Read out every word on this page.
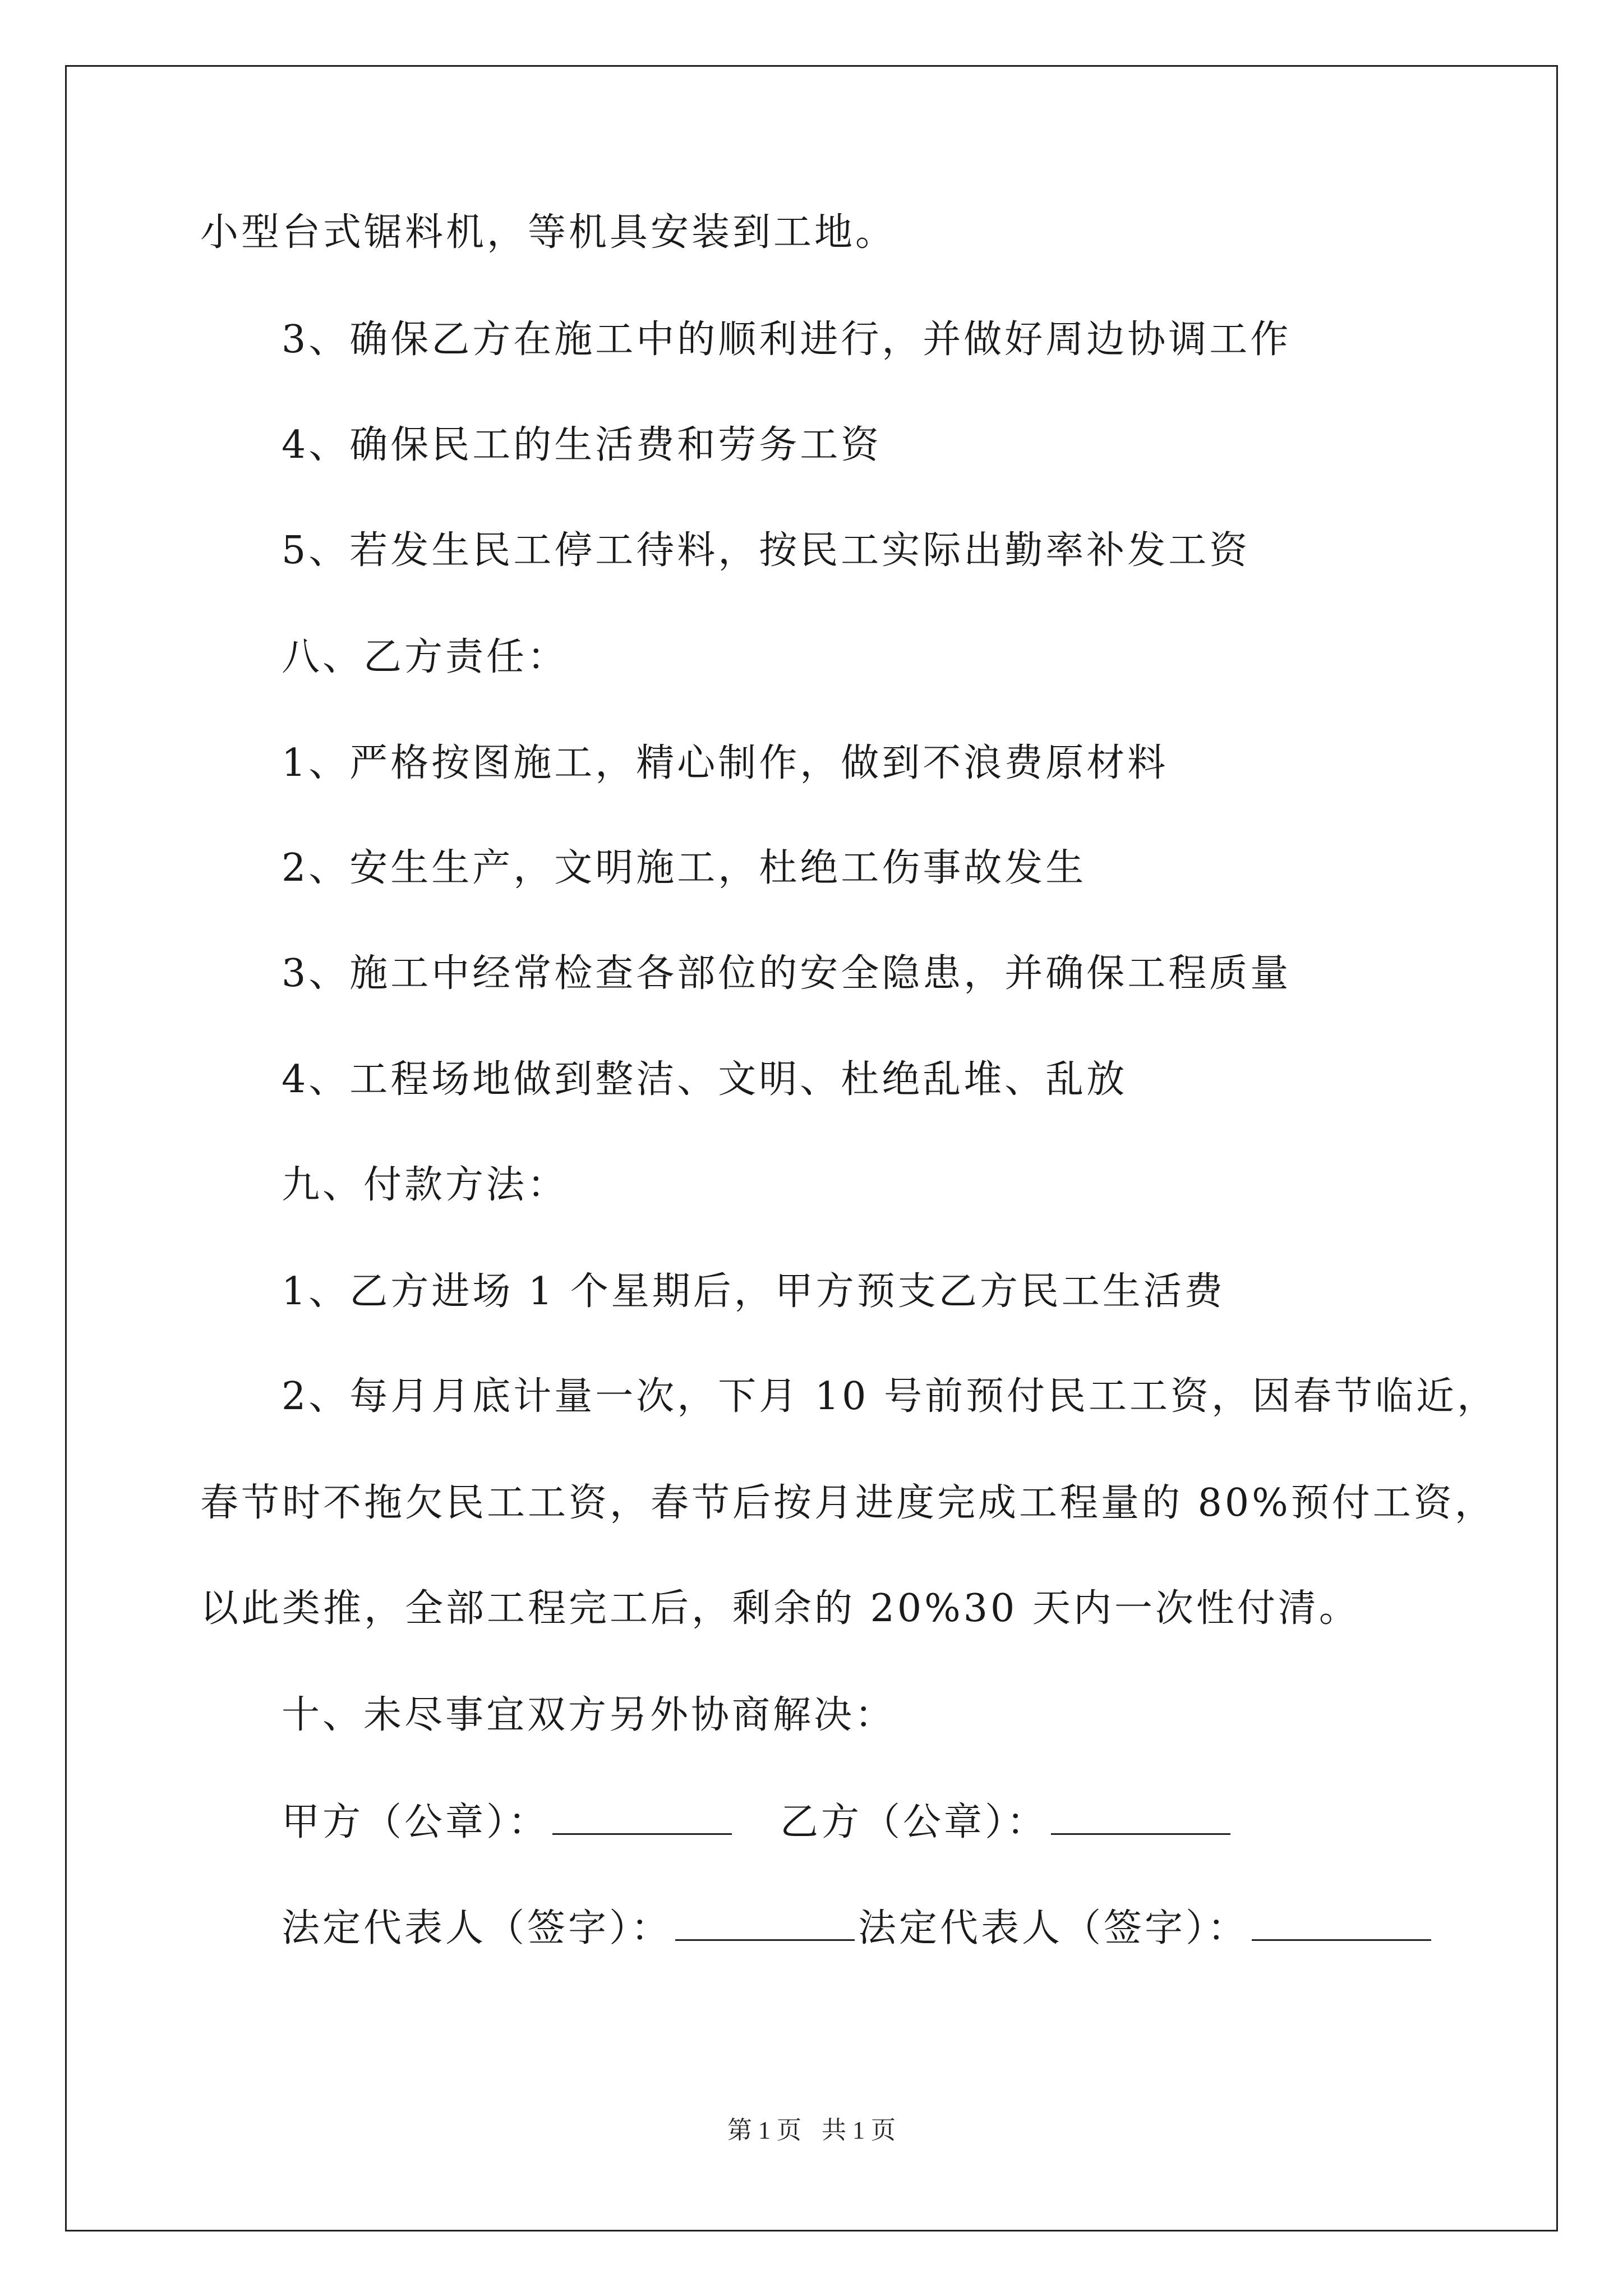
小型台式锯料机，等机具安装到工地。
3、确保乙方在施工中的顺利进行，并做好周边协调工作
4、确保民工的生活费和劳务工资
5、若发生民工停工待料，按民工实际出勤率补发工资
八、乙方责任：
1、严格按图施工，精心制作，做到不浪费原材料
2、安生生产，文明施工，杜绝工伤事故发生
3、施工中经常检查各部位的安全隐患，并确保工程质量
4、工程场地做到整洁、文明、杜绝乱堆、乱放
九、付款方法：
1、乙方进场 1 个星期后，甲方预支乙方民工生活费
2、每月月底计量一次，下月 10 号前预付民工工资，因春节临近，
春节时不拖欠民工工资，春节后按月进度完成工程量的 80%预付工资，
以此类推，全部工程完工后，剩余的 20%30 天内一次性付清。
十、未尽事宜双方另外协商解决：
甲方（公章）：	乙方（公章）：
法定代表人（签字）：	法定代表人（签字）：
第 1 页 共 1 页
